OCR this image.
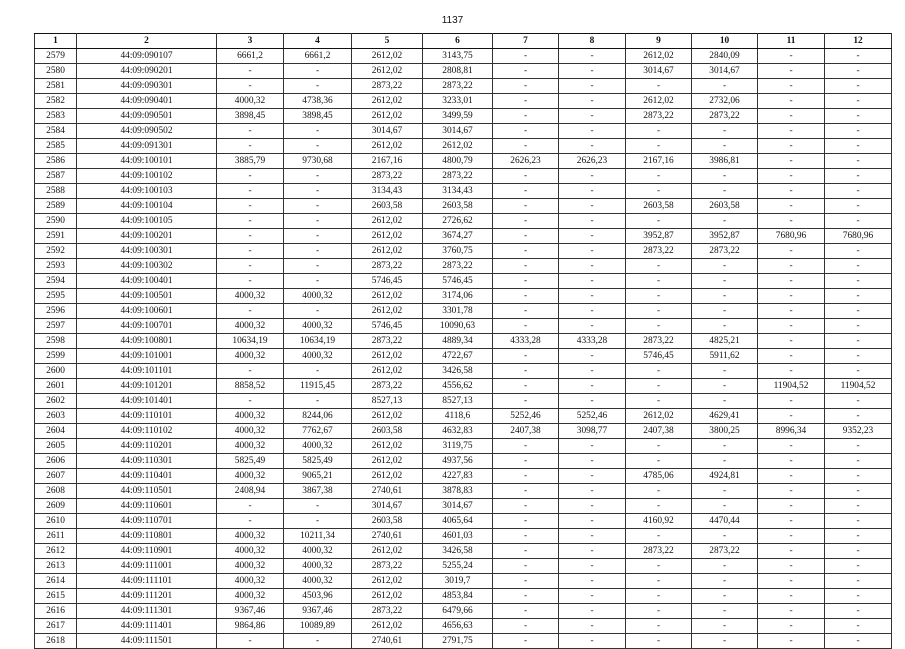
1137
1	2	3	4	5	6	7	8	9	10	11	12
2579	44:09:090107	6661,2	6661,2	2612,02	3143,75	-	-	2612,02	2840,09	-	-
2580	44:09:090201	-	-	2612,02	2808,81	-	-	3014,67	3014,67	-	-
2581	44:09:090301	-	-	2873,22	2873,22	-	-	-	-	-	-
2582	44:09:090401	4000,32	4738,36	2612,02	3233,01	-	-	2612,02	2732,06	-	-
2583	44:09:090501	3898,45	3898,45	2612,02	3499,59	-	-	2873,22	2873,22	-	-
2584	44:09:090502	-	-	3014,67	3014,67	-	-	-	-	-	-
2585	44:09:091301	-	-	2612,02	2612,02	-	-	-	-	-	-
2586	44:09:100101	3885,79	9730,68	2167,16	4800,79	2626,23	2626,23	2167,16	3986,81	-	-
2587	44:09:100102	-	-	2873,22	2873,22	-	-	-	-	-	-
2588	44:09:100103	-	-	3134,43	3134,43	-	-	-	-	-	-
2589	44:09:100104	-	-	2603,58	2603,58	-	-	2603,58	2603,58	-	-
2590	44:09:100105	-	-	2612,02	2726,62	-	-	-	-	-	-
2591	44:09:100201	-	-	2612,02	3674,27	-	-	3952,87	3952,87	7680,96	7680,96
2592	44:09:100301	-	-	2612,02	3760,75	-	-	2873,22	2873,22	-	-
2593	44:09:100302	-	-	2873,22	2873,22	-	-	-	-	-	-
2594	44:09:100401	-	-	5746,45	5746,45	-	-	-	-	-	-
2595	44:09:100501	4000,32	4000,32	2612,02	3174,06	-	-	-	-	-	-
2596	44:09:100601	-	-	2612,02	3301,78	-	-	-	-	-	-
2597	44:09:100701	4000,32	4000,32	5746,45	10090,63	-	-	-	-	-	-
2598	44:09:100801	10634,19	10634,19	2873,22	4889,34	4333,28	4333,28	2873,22	4825,21	-	-
2599	44:09:101001	4000,32	4000,32	2612,02	4722,67	-	-	5746,45	5911,62	-	-
2600	44:09:101101	-	-	2612,02	3426,58	-	-	-	-	-	-
2601	44:09:101201	8858,52	11915,45	2873,22	4556,62	-	-	-	-	11904,52	11904,52
2602	44:09:101401	-	-	8527,13	8527,13	-	-	-	-	-	-
2603	44:09:110101	4000,32	8244,06	2612,02	4118,6	5252,46	5252,46	2612,02	4629,41	-	-
2604	44:09:110102	4000,32	7762,67	2603,58	4632,83	2407,38	3098,77	2407,38	3800,25	8996,34	9352,23
2605	44:09:110201	4000,32	4000,32	2612,02	3119,75	-	-	-	-	-	-
2606	44:09:110301	5825,49	5825,49	2612,02	4937,56	-	-	-	-	-	-
2607	44:09:110401	4000,32	9065,21	2612,02	4227,83	-	-	4785,06	4924,81	-	-
2608	44:09:110501	2408,94	3867,38	2740,61	3878,83	-	-	-	-	-	-
2609	44:09:110601	-	-	3014,67	3014,67	-	-	-	-	-	-
2610	44:09:110701	-	-	2603,58	4065,64	-	-	4160,92	4470,44	-	-
2611	44:09:110801	4000,32	10211,34	2740,61	4601,03	-	-	-	-	-	-
2612	44:09:110901	4000,32	4000,32	2612,02	3426,58	-	-	2873,22	2873,22	-	-
2613	44:09:111001	4000,32	4000,32	2873,22	5255,24	-	-	-	-	-	-
2614	44:09:111101	4000,32	4000,32	2612,02	3019,7	-	-	-	-	-	-
2615	44:09:111201	4000,32	4503,96	2612,02	4853,84	-	-	-	-	-	-
2616	44:09:111301	9367,46	9367,46	2873,22	6479,66	-	-	-	-	-	-
2617	44:09:111401	9864,86	10089,89	2612,02	4656,63	-	-	-	-	-	-
2618	44:09:111501	-	-	2740,61	2791,75	-	-	-	-	-	-
